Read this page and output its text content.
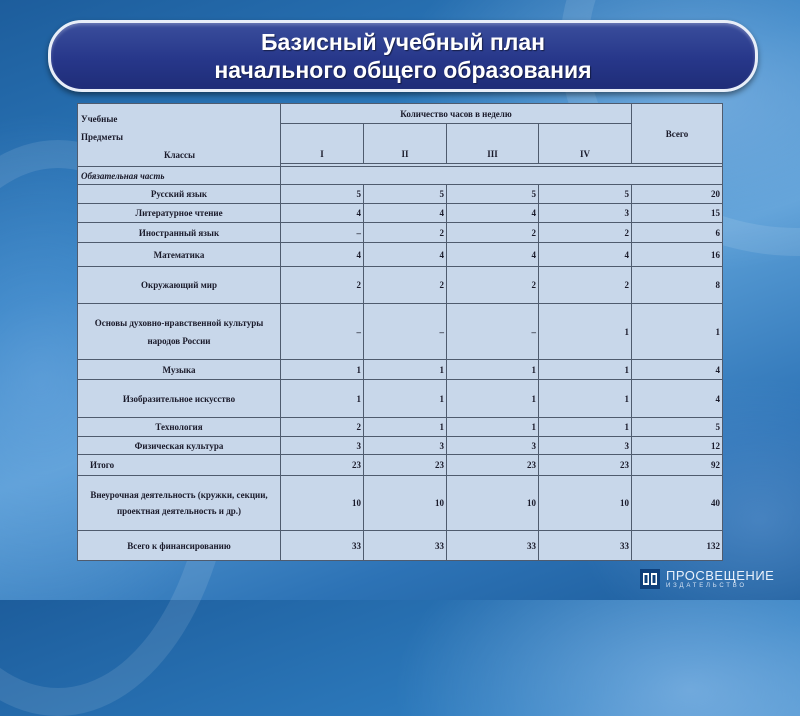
Базисный учебный план
начального общего образования
Учебные
Предметы
Классы	Количество часов в неделю				Всего
	I	II	III	IV	

Обязательная часть					
Русский язык	5	5	5	5	20
Литературное чтение	4	4	4	3	15
Иностранный язык	–	2	2	2	6
Математика	4	4	4	4	16
Окружающий мир	2	2	2	2	8
Основы духовно-нравственной культуры народов России	–	–	–	1	1
Музыка	1	1	1	1	4
Изобразительное искусство	1	1	1	1	4
Технология	2	1	1	1	5
Физическая культура	3	3	3	3	12
Итого	23	23	23	23	92
Внеурочная деятельность (кружки, секции, проектная деятельность и др.)	10	10	10	10	40
Всего к финансированию	33	33	33	33	132
ПРОСВЕЩЕНИЕ
ИЗДАТЕЛЬСТВО
